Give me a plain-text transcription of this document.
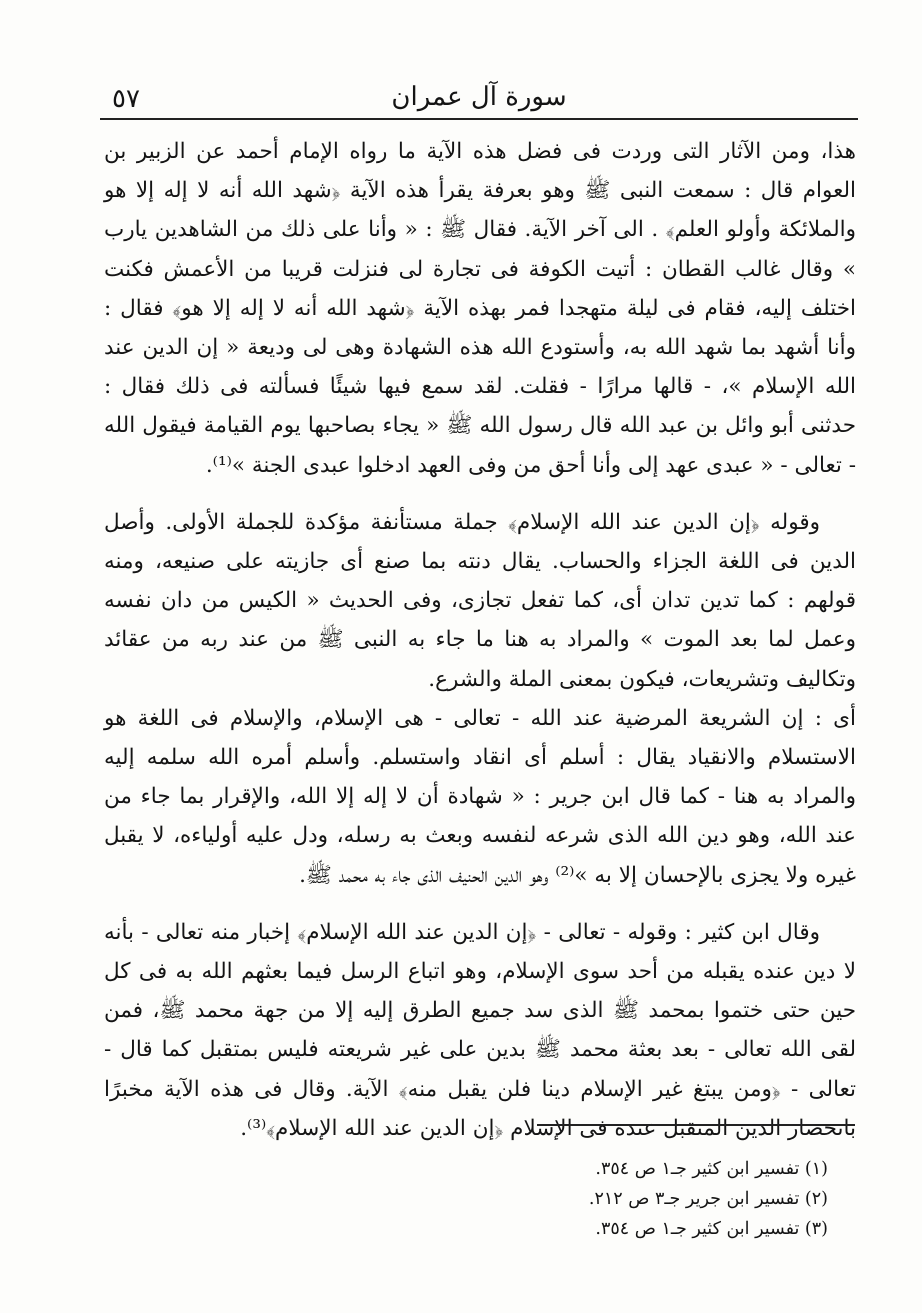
٥٧	سورة آل عمران

هذا، ومن الآثار التى وردت فى فضل هذه الآية ما رواه الإمام أحمد عن الزبير بن العوام قال : سمعت النبى ﷺ وهو بعرفة يقرأ هذه الآية ﴿شهد الله أنه لا إله إلا هو والملائكة وأولو العلم﴾ . الى آخر الآية. فقال ﷺ : « وأنا على ذلك من الشاهدين يارب » وقال غالب القطان : أتيت الكوفة فى تجارة لى فنزلت قريبا من الأعمش فكنت اختلف إليه، فقام فى ليلة متهجدا فمر بهذه الآية ﴿شهد الله أنه لا إله إلا هو﴾ فقال : وأنا أشهد بما شهد الله به، وأستودع الله هذه الشهادة وهى لى وديعة « إن الدين عند الله الإسلام »، - قالها مرارًا - فقلت. لقد سمع فيها شيئًا فسألته فى ذلك فقال : حدثنى أبو وائل بن عبد الله قال رسول الله ﷺ « يجاء بصاحبها يوم القيامة فيقول الله - تعالى - « عبدى عهد إلى وأنا أحق من وفى العهد ادخلوا عبدى الجنة »⁽¹⁾.

وقوله ﴿إن الدين عند الله الإسلام﴾ جملة مستأنفة مؤكدة للجملة الأولى. وأصل الدين فى اللغة الجزاء والحساب. يقال دنته بما صنع أى جازيته على صنيعه، ومنه قولهم : كما تدين تدان أى، كما تفعل تجازى، وفى الحديث « الكيس من دان نفسه وعمل لما بعد الموت » والمراد به هنا ما جاء به النبى ﷺ من عند ربه من عقائد وتكاليف وتشريعات، فيكون بمعنى الملة والشرع.

أى : إن الشريعة المرضية عند الله - تعالى - هى الإسلام، والإسلام فى اللغة هو الاستسلام والانقياد يقال : أسلم أى انقاد واستسلم. وأسلم أمره الله سلمه إليه والمراد به هنا - كما قال ابن جرير : « شهادة أن لا إله إلا الله، والإقرار بما جاء من عند الله، وهو دين الله الذى شرعه لنفسه وبعث به رسله، ودل عليه أولياءه، لا يقبل غيره ولا يجزى بالإحسان إلا به »⁽²⁾ وهو الدين الحنيف الذى جاء به محمد ﷺ.

وقال ابن كثير : وقوله - تعالى - ﴿إن الدين عند الله الإسلام﴾ إخبار منه تعالى - بأنه لا دين عنده يقبله من أحد سوى الإسلام، وهو اتباع الرسل فيما بعثهم الله به فى كل حين حتى ختموا بمحمد ﷺ الذى سد جميع الطرق إليه إلا من جهة محمد ﷺ، فمن لقى الله تعالى - بعد بعثة محمد ﷺ بدين على غير شريعته فليس بمتقبل كما قال - تعالى - ﴿ومن يبتغ غير الإسلام دينا فلن يقبل منه﴾ الآية. وقال فى هذه الآية مخبرًا بانحصار الدين المتقبل عنده فى الإسلام ﴿إن الدين عند الله الإسلام﴾⁽³⁾.

(١) تفسير ابن كثير جـ١ ص ٣٥٤.

(٢) تفسير ابن جرير جـ٣ ص ٢١٢.

(٣) تفسير ابن كثير جـ١ ص ٣٥٤.
